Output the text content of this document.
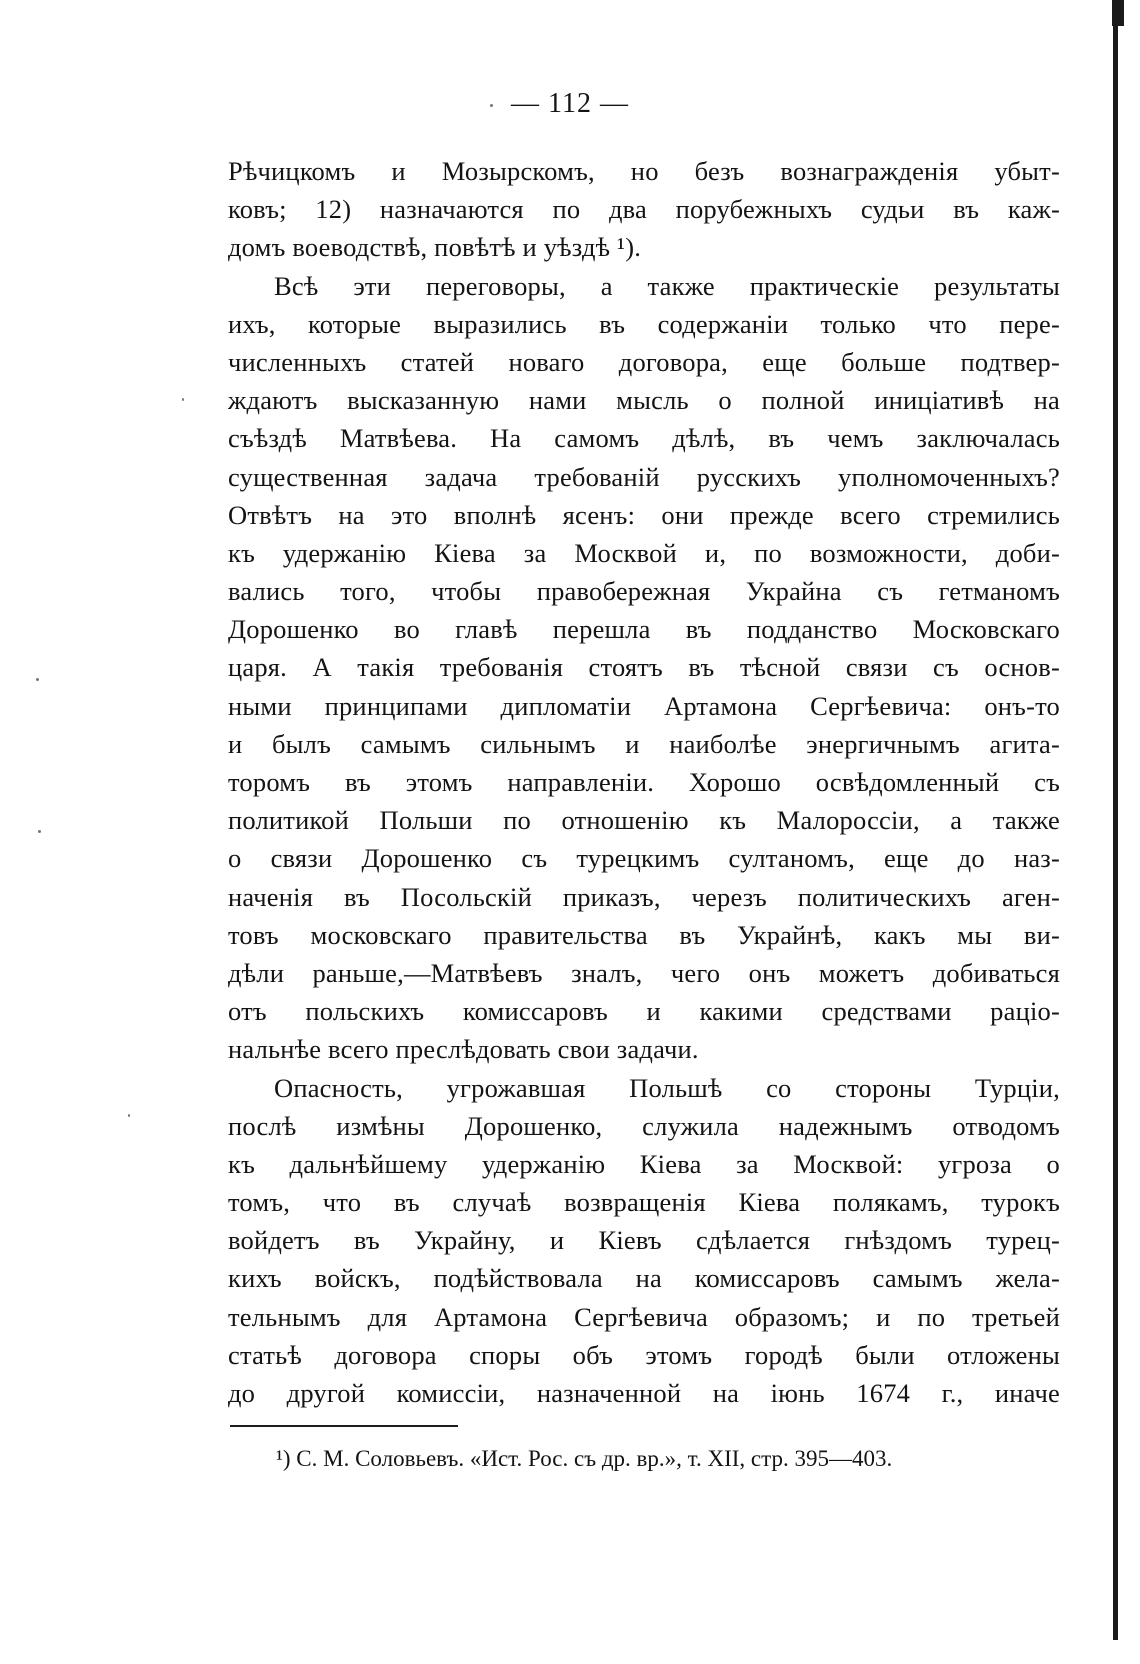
— 112 —
Рѣчицкомъ и Мозырскомъ, но безъ вознагражденія убыт-
ковъ; 12) назначаются по два порубежныхъ судьи въ каж-
домъ воеводствѣ, повѣтѣ и уѣздѣ ¹).
Всѣ эти переговоры, а также практическіе результаты
ихъ, которые выразились въ содержаніи только что пере-
численныхъ статей новаго договора, еще больше подтвер-
ждаютъ высказанную нами мысль о полной иниціативѣ на
съѣздѣ Матвѣева. На самомъ дѣлѣ, въ чемъ заключалась
существенная задача требованій русскихъ уполномоченныхъ?
Отвѣтъ на это вполнѣ ясенъ: они прежде всего стремились
къ удержанію Кіева за Москвой и, по возможности, доби-
вались того, чтобы правобережная Украйна съ гетманомъ
Дорошенко во главѣ перешла въ подданство Московскаго
царя. А такія требованія стоятъ въ тѣсной связи съ основ-
ными принципами дипломатіи Артамона Сергѣевича: онъ-то
и былъ самымъ сильнымъ и наиболѣе энергичнымъ агита-
торомъ въ этомъ направленіи. Хорошо освѣдомленный съ
политикой Польши по отношенію къ Малороссіи, а также
о связи Дорошенко съ турецкимъ султаномъ, еще до наз-
наченія въ Посольскій приказъ, черезъ политическихъ аген-
товъ московскаго правительства въ Украйнѣ, какъ мы ви-
дѣли раньше,—Матвѣевъ зналъ, чего онъ можетъ добиваться
отъ польскихъ комиссаровъ и какими средствами раціо-
нальнѣе всего преслѣдовать свои задачи.
Опасность, угрожавшая Польшѣ со стороны Турціи,
послѣ измѣны Дорошенко, служила надежнымъ отводомъ
къ дальнѣйшему удержанію Кіева за Москвой: угроза о
томъ, что въ случаѣ возвращенія Кіева полякамъ, турокъ
войдетъ въ Украйну, и Кіевъ сдѣлается гнѣздомъ турец-
кихъ войскъ, подѣйствовала на комиссаровъ самымъ жела-
тельнымъ для Артамона Сергѣевича образомъ; и по третьей
статьѣ договора споры объ этомъ городѣ были отложены
до другой комиссіи, назначенной на іюнь 1674 г., иначе
¹) С. М. Соловьевъ. «Ист. Рос. съ др. вр.», т. XII, стр. 395—403.
